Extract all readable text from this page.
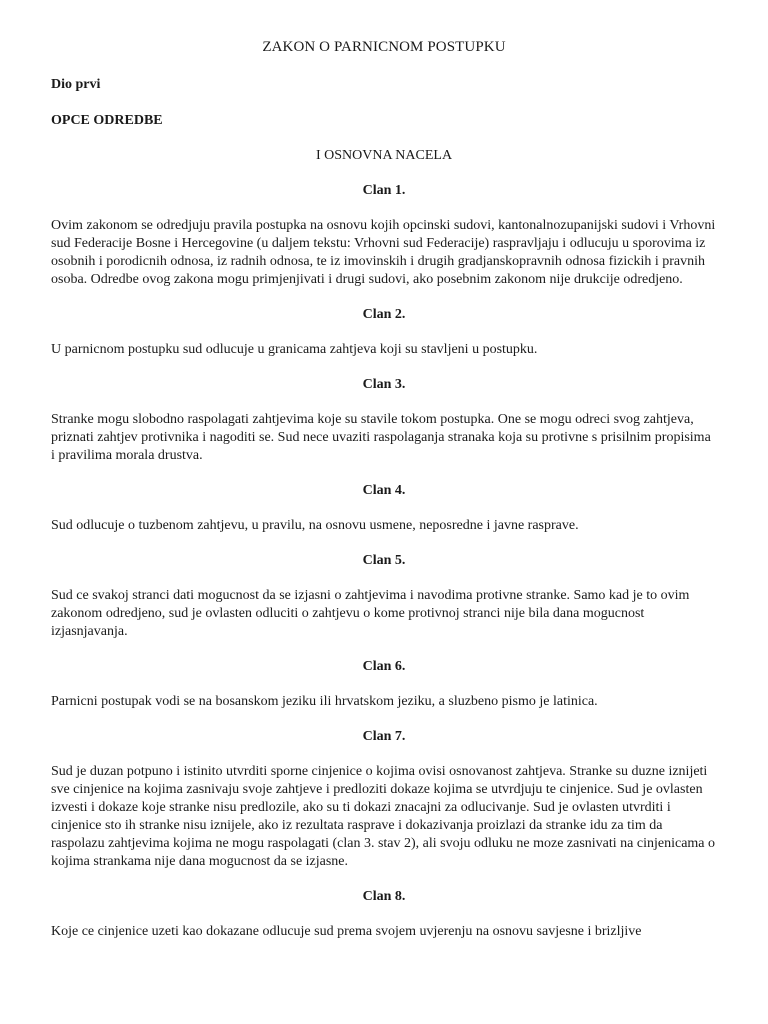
ZAKON O PARNICNOM POSTUPKU

Dio prvi

OPCE ODREDBE

I OSNOVNA NACELA
Clan 1.

Ovim zakonom se odredjuju pravila postupka na osnovu kojih opcinski sudovi, kantonalnozupanijski sudovi i Vrhovni sud Federacije Bosne i Hercegovine (u daljem tekstu: Vrhovni sud Federacije) raspravljaju i odlucuju u sporovima iz osobnih i porodicnih odnosa, iz radnih odnosa, te iz imovinskih i drugih gradjanskopravnih odnosa fizickih i pravnih osoba. Odredbe ovog zakona mogu primjenjivati i drugi sudovi, ako posebnim zakonom nije drukcije odredjeno.

Clan 2.

U parnicnom postupku sud odlucuje u granicama zahtjeva koji su stavljeni u postupku.

Clan 3.

Stranke mogu slobodno raspolagati zahtjevima koje su stavile tokom postupka. One se mogu odreci svog zahtjeva, priznati zahtjev protivnika i nagoditi se. Sud nece uvaziti raspolaganja stranaka koja su protivne s prisilnim propisima i pravilima morala drustva.

Clan 4.

Sud odlucuje o tuzbenom zahtjevu, u pravilu, na osnovu usmene, neposredne i javne rasprave.

Clan 5.

Sud ce svakoj stranci dati mogucnost da se izjasni o zahtjevima i navodima protivne stranke. Samo kad je to ovim zakonom odredjeno, sud je ovlasten odluciti o zahtjevu o kome protivnoj stranci nije bila dana mogucnost izjasnjavanja.

Clan 6.

Parnicni postupak vodi se na bosanskom jeziku ili hrvatskom jeziku, a sluzbeno pismo je latinica.

Clan 7.

Sud je duzan potpuno i istinito utvrditi sporne cinjenice o kojima ovisi osnovanost zahtjeva. Stranke su duzne iznijeti sve cinjenice na kojima zasnivaju svoje zahtjeve i predloziti dokaze kojima se utvrdjuju te cinjenice. Sud je ovlasten izvesti i dokaze koje stranke nisu predlozile, ako su ti dokazi znacajni za odlucivanje. Sud je ovlasten utvrditi i cinjenice sto ih stranke nisu iznijele, ako iz rezultata rasprave i dokazivanja proizlazi da stranke idu za tim da raspolazu zahtjevima kojima ne mogu raspolagati (clan 3. stav 2), ali svoju odluku ne moze zasnivati na cinjenicama o kojima strankama nije dana mogucnost da se izjasne.

Clan 8.

Koje ce cinjenice uzeti kao dokazane odlucuje sud prema svojem uvjerenju na osnovu savjesne i brizljive
